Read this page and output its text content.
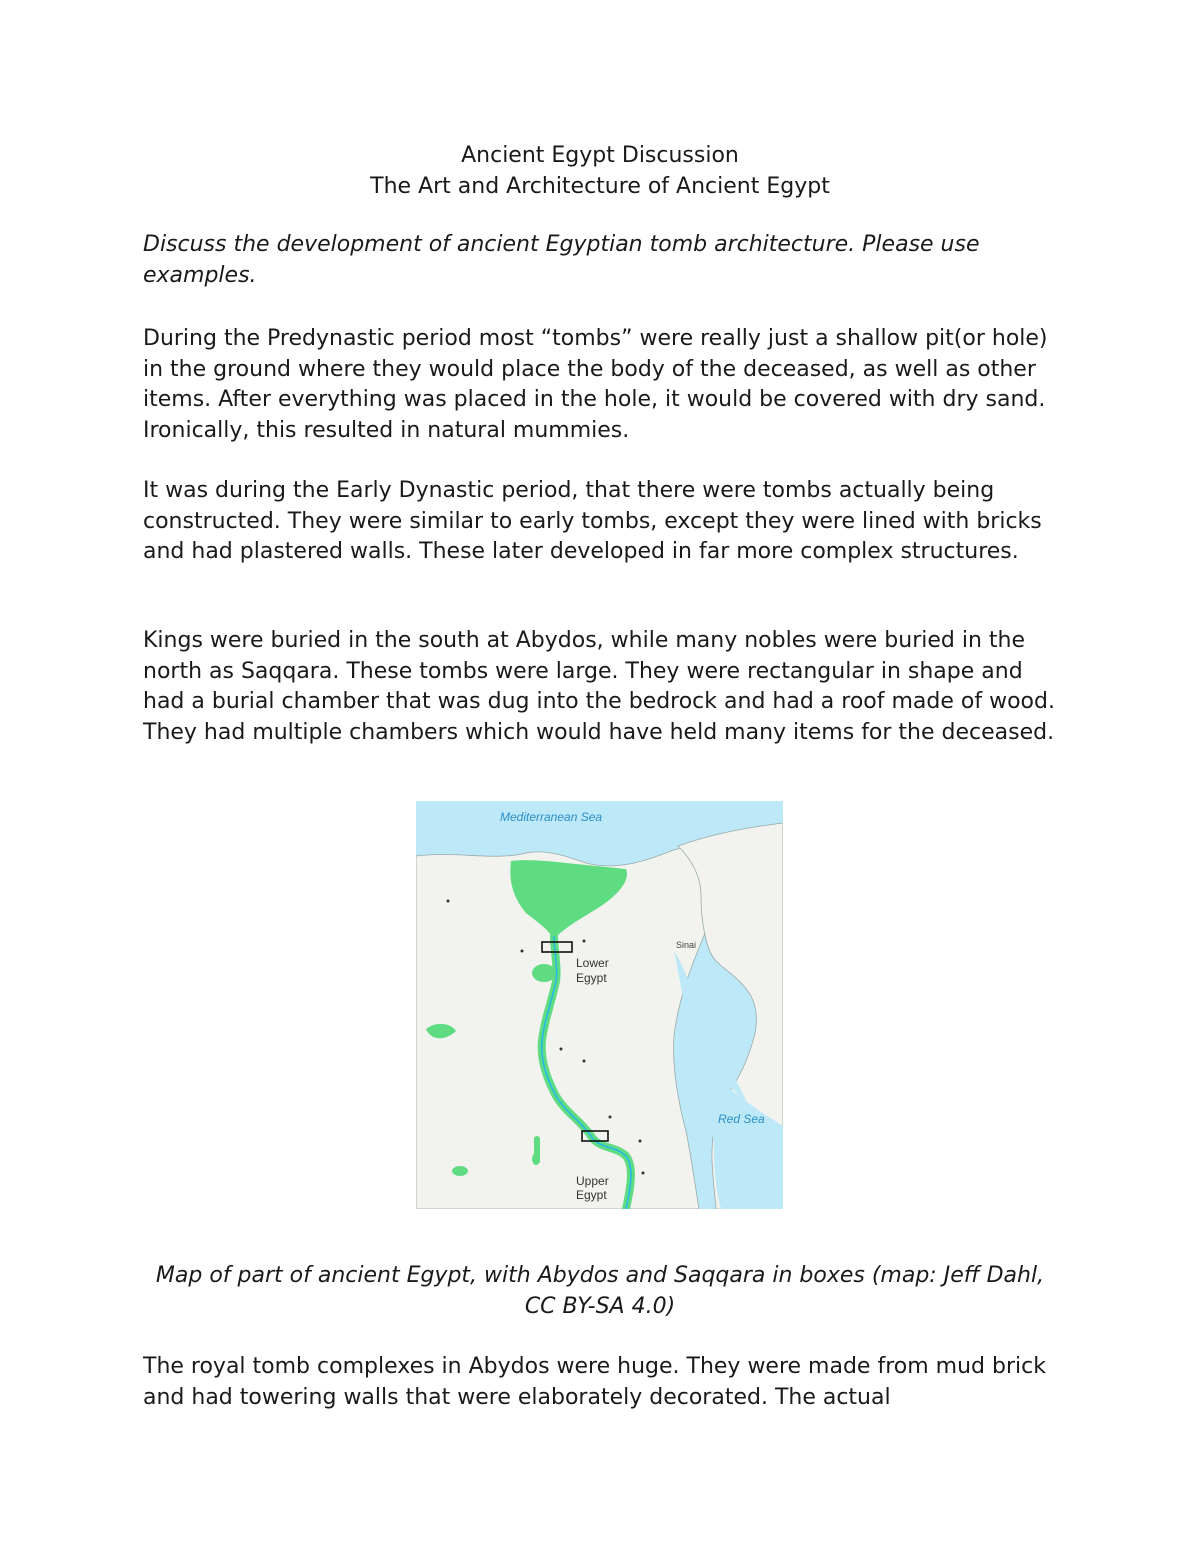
Ancient Egypt Discussion
The Art and Architecture of Ancient Egypt

Discuss the development of ancient Egyptian tomb architecture. Please use examples.

During the Predynastic period most “tombs” were really just a shallow pit(or hole) in the ground where they would place the body of the deceased, as well as other items. After everything was placed in the hole, it would be covered with dry sand. Ironically, this resulted in natural mummies.

It was during the Early Dynastic period, that there were tombs actually being constructed. They were similar to early tombs, except they were lined with bricks and had plastered walls. These later developed in far more complex structures.

Kings were buried in the south at Abydos, while many nobles were buried in the north as Saqqara. These tombs were large. They were rectangular in shape and had a burial chamber that was dug into the bedrock and had a roof made of wood. They had multiple chambers which would have held many items for the deceased.

Mediterranean Sea
Sinai
Lower
Egypt
Red Sea
Upper
Egypt

Map of part of ancient Egypt, with Abydos and Saqqara in boxes (map: Jeff Dahl, CC BY-SA 4.0)

The royal tomb complexes in Abydos were huge. They were made from mud brick and had towering walls that were elaborately decorated. The actual
